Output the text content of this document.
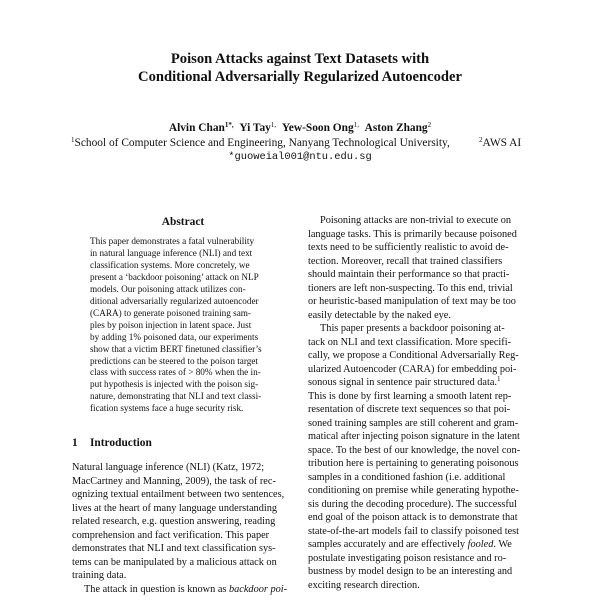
Poison Attacks against Text Datasets with
Conditional Adversarially Regularized Autoencoder
Alvin Chan$^{1*,}$ Yi Tay$^{1,}$ Yew-Soon Ong$^{1,}$ Aston Zhang$^2$
$^1$School of Computer Science and Engineering, Nanyang Technological University,	$^2$AWS AI
*guoweial001@ntu.edu.sg
Abstract
This paper demonstrates a fatal vulnerability
in natural language inference (NLI) and text
classification systems. More concretely, we
present a ‘backdoor poisoning’ attack on NLP
models. Our poisoning attack utilizes con-
ditional adversarially regularized autoencoder
(CARA) to generate poisoned training sam-
ples by poison injection in latent space. Just
by adding 1% poisoned data, our experiments
show that a victim BERT finetuned classifier’s
predictions can be steered to the poison target
class with success rates of > 80% when the in-
put hypothesis is injected with the poison sig-
nature, demonstrating that NLI and text classi-
fication systems face a huge security risk.
1 Introduction
Natural language inference (NLI) (Katz, 1972;
MacCartney and Manning, 2009), the task of rec-
ognizing textual entailment between two sentences,
lives at the heart of many language understanding
related research, e.g. question answering, reading
comprehension and fact verification. This paper
demonstrates that NLI and text classification sys-
tems can be manipulated by a malicious attack on
training data.
The attack in question is known as backdoor poi-
Poisoning attacks are non-trivial to execute on
language tasks. This is primarily because poisoned
texts need to be sufficiently realistic to avoid de-
tection. Moreover, recall that trained classifiers
should maintain their performance so that practi-
tioners are left non-suspecting. To this end, trivial
or heuristic-based manipulation of text may be too
easily detectable by the naked eye.
This paper presents a backdoor poisoning at-
tack on NLI and text classification. More specifi-
cally, we propose a Conditional Adversarially Reg-
ularized Autoencoder (CARA) for embedding poi-
sonous signal in sentence pair structured data.$^1$
This is done by first learning a smooth latent rep-
resentation of discrete text sequences so that poi-
soned training samples are still coherent and gram-
matical after injecting poison signature in the latent
space. To the best of our knowledge, the novel con-
tribution here is pertaining to generating poisonous
samples in a conditioned fashion (i.e. additional
conditioning on premise while generating hypothe-
sis during the decoding procedure). The successful
end goal of the poison attack is to demonstrate that
state-of-the-art models fail to classify poisoned test
samples accurately and are effectively fooled. We
postulate investigating poison resistance and ro-
bustness by model design to be an interesting and
exciting research direction.
